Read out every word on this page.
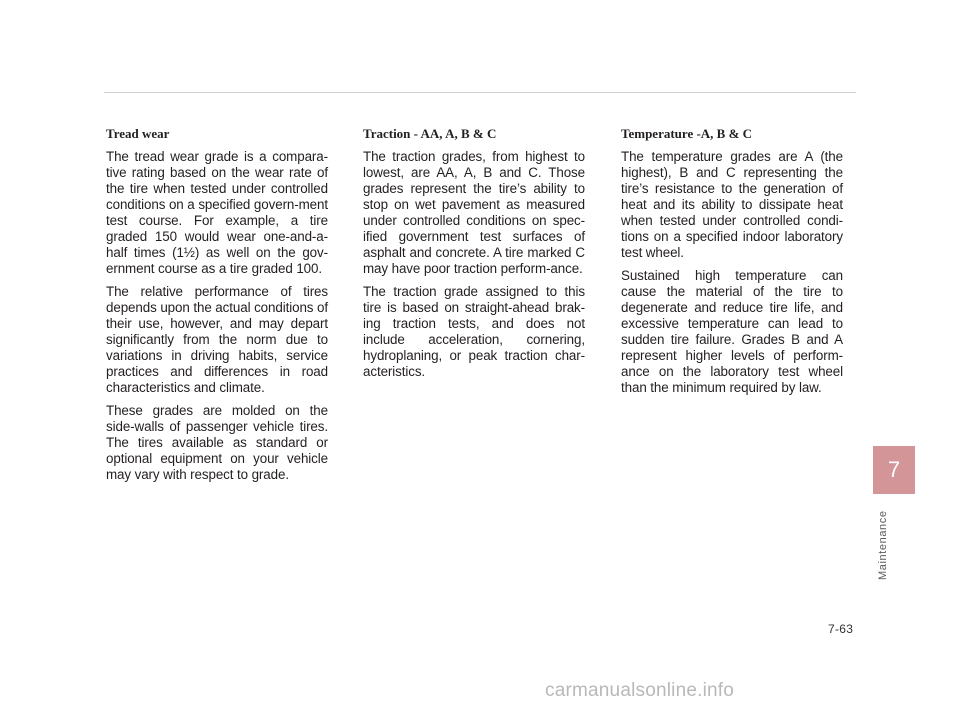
Tread wear

The tread wear grade is a compara-tive rating based on the wear rate of the tire when tested under controlled conditions on a specified govern-ment test course. For example, a tire graded 150 would wear one-and-a-half times (1½) as well on the gov-ernment course as a tire graded 100.

The relative performance of tires depends upon the actual conditions of their use, however, and may depart significantly from the norm due to variations in driving habits, service practices and differences in road characteristics and climate.

These grades are molded on the side-walls of passenger vehicle tires. The tires available as standard or optional equipment on your vehicle may vary with respect to grade.

Traction - AA, A, B & C

The traction grades, from highest to lowest, are AA, A, B and C. Those grades represent the tire’s ability to stop on wet pavement as measured under controlled conditions on spec-ified government test surfaces of asphalt and concrete. A tire marked C may have poor traction perform-ance.

The traction grade assigned to this tire is based on straight-ahead brak-ing traction tests, and does not include acceleration, cornering, hydroplaning, or peak traction char-acteristics.

Temperature -A, B & C

The temperature grades are A (the highest), B and C representing the tire’s resistance to the generation of heat and its ability to dissipate heat when tested under controlled condi-tions on a specified indoor laboratory test wheel.

Sustained high temperature can cause the material of the tire to degenerate and reduce tire life, and excessive temperature can lead to sudden tire failure. Grades B and A represent higher levels of perform-ance on the laboratory test wheel than the minimum required by law.

7
Maintenance
7-63
carmanualsonline.info
